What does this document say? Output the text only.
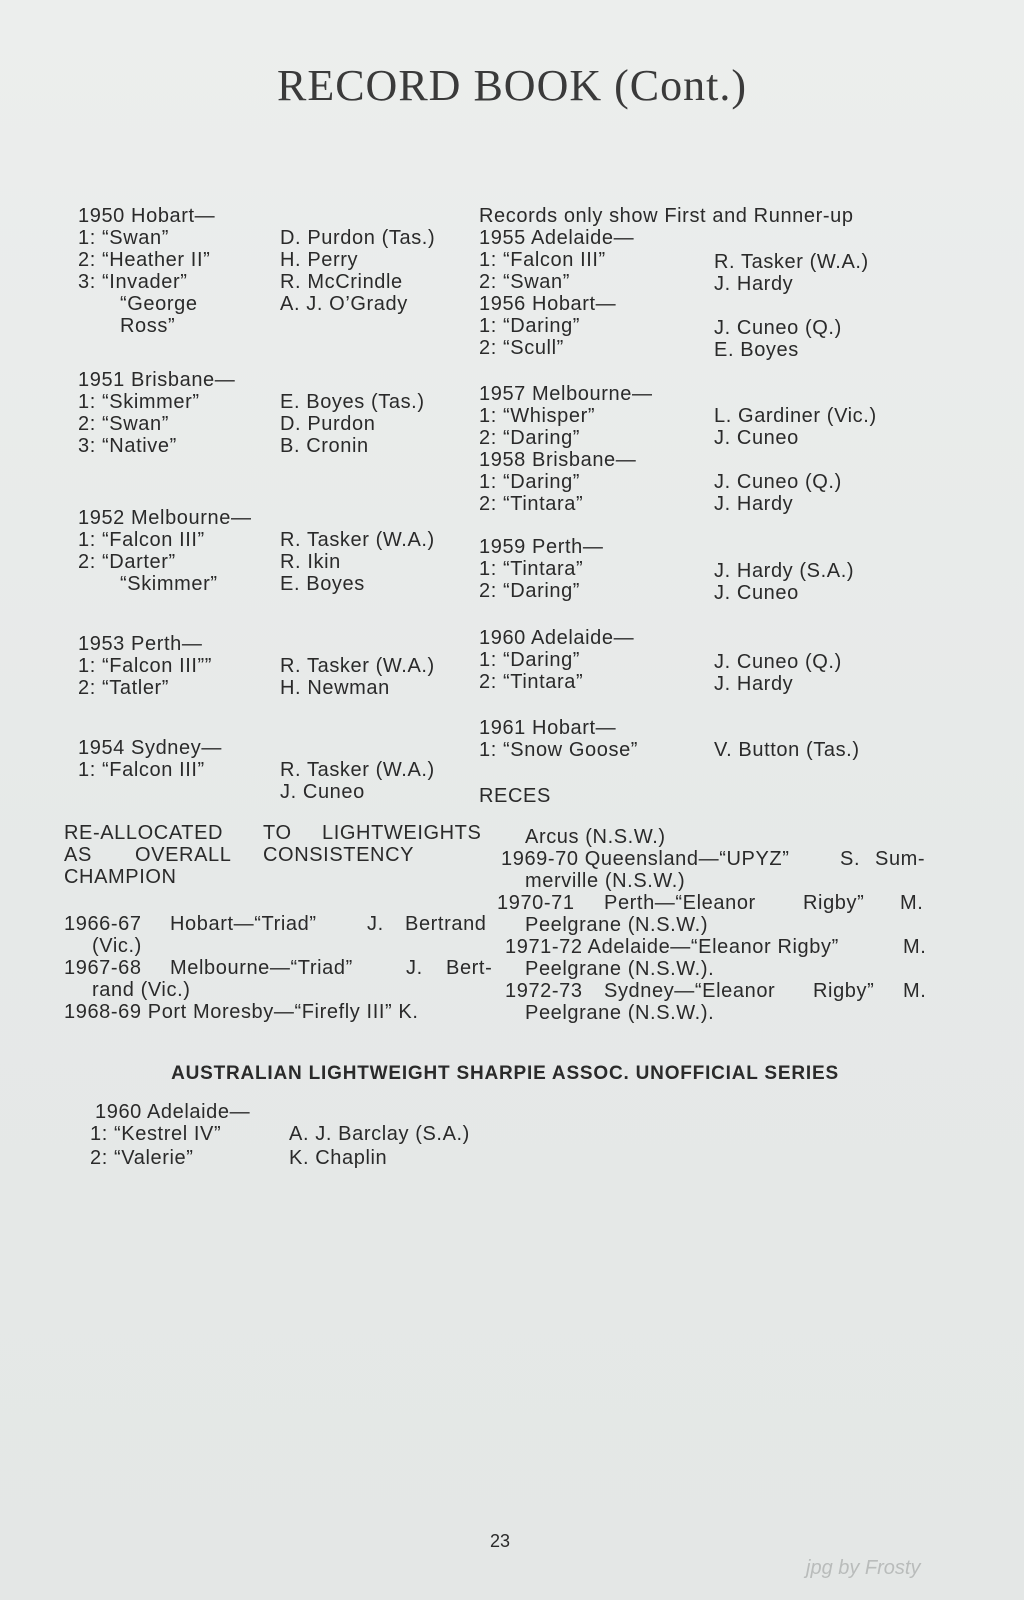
RECORD BOOK (Cont.)
1950 Hobart—
1: “Swan”	D. Purdon (Tas.)
2: “Heather II”	H. Perry
3: “Invader”	R. McCrindle
“George	A. J. O’Grady
Ross”
1951 Brisbane—
1: “Skimmer”	E. Boyes (Tas.)
2: “Swan”	D. Purdon
3: “Native”	B. Cronin
1952 Melbourne—
1: “Falcon III”	R. Tasker (W.A.)
2: “Darter”	R. Ikin
“Skimmer”	E. Boyes
1953 Perth—
1: “Falcon III””	R. Tasker (W.A.)
2: “Tatler”	H. Newman
1954 Sydney—
1: “Falcon III”	R. Tasker (W.A.)
J. Cuneo
Records only show First and Runner-up
1955 Adelaide—
1: “Falcon III”	R. Tasker (W.A.)
2: “Swan”	J. Hardy
1956 Hobart—
1: “Daring”	J. Cuneo (Q.)
2: “Scull”	E. Boyes
1957 Melbourne—
1: “Whisper”	L. Gardiner (Vic.)
2: “Daring”	J. Cuneo
1958 Brisbane—
1: “Daring”	J. Cuneo (Q.)
2: “Tintara”	J. Hardy
1959 Perth—
1: “Tintara”	J. Hardy (S.A.)
2: “Daring”	J. Cuneo
1960 Adelaide—
1: “Daring”	J. Cuneo (Q.)
2: “Tintara”	J. Hardy
1961 Hobart—
1: “Snow Goose”	V. Button (Tas.)
RECES
RE-ALLOCATED TO LIGHTWEIGHTS
AS OVERALL CONSISTENCY
CHAMPION
1966-67 Hobart—“Triad”	J. Bertrand
(Vic.)
1967-68 Melbourne—“Triad”	J. Bert-
rand (Vic.)
1968-69 Port Moresby—“Firefly III” K.
Arcus (N.S.W.)
1969-70 Queensland—“UPYZ”	S. Sum-
merville (N.S.W.)
1970-71 Perth—“Eleanor Rigby” M.
Peelgrane (N.S.W.)
1971-72 Adelaide—“Eleanor Rigby”	M.
Peelgrane (N.S.W.).
1972-73 Sydney—“Eleanor Rigby” M.
Peelgrane (N.S.W.).
AUSTRALIAN LIGHTWEIGHT SHARPIE ASSOC. UNOFFICIAL SERIES
1960 Adelaide—
1: “Kestrel IV”	A. J. Barclay (S.A.)
2: “Valerie”	K. Chaplin
23
jpg by Frosty
